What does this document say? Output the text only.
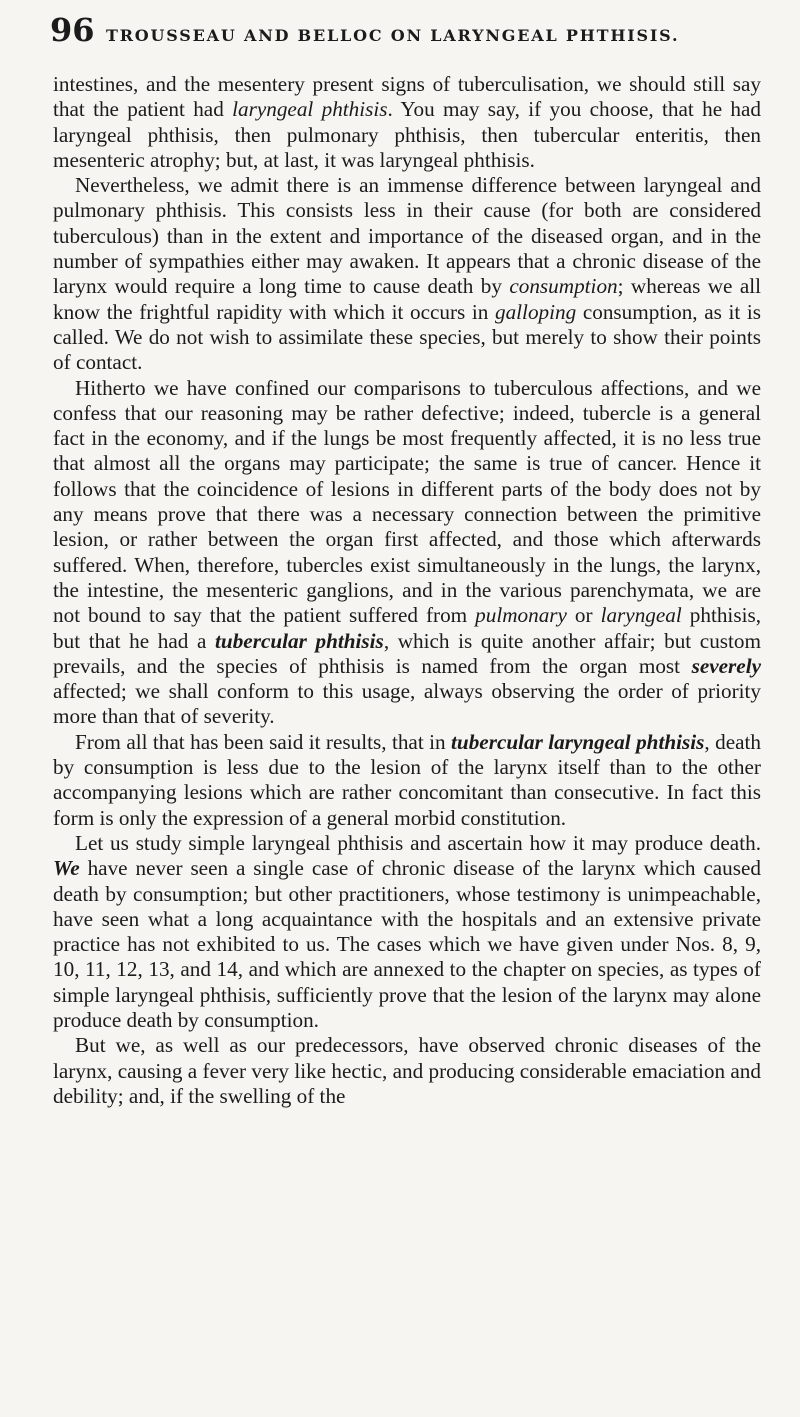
96 TROUSSEAU AND BELLOC ON LARYNGEAL PHTHISIS.

intestines, and the mesentery present signs of tuberculisation, we should still say that the patient had laryngeal phthisis. You may say, if you choose, that he had laryngeal phthisis, then pulmonary phthisis, then tubercular enteritis, then mesenteric atrophy; but, at last, it was laryngeal phthisis.

Nevertheless, we admit there is an immense difference between laryngeal and pulmonary phthisis. This consists less in their cause (for both are considered tuberculous) than in the extent and importance of the diseased organ, and in the number of sympathies either may awaken. It appears that a chronic disease of the larynx would require a long time to cause death by consumption; whereas we all know the frightful rapidity with which it occurs in galloping consumption, as it is called. We do not wish to assimilate these species, but merely to show their points of contact.

Hitherto we have confined our comparisons to tuberculous affections, and we confess that our reasoning may be rather defective; indeed, tubercle is a general fact in the economy, and if the lungs be most frequently affected, it is no less true that almost all the organs may participate; the same is true of cancer. Hence it follows that the coincidence of lesions in different parts of the body does not by any means prove that there was a necessary connection between the primitive lesion, or rather between the organ first affected, and those which afterwards suffered. When, therefore, tubercles exist simultaneously in the lungs, the larynx, the intestine, the mesenteric ganglions, and in the various parenchymata, we are not bound to say that the patient suffered from pulmonary or laryngeal phthisis, but that he had a tubercular phthisis, which is quite another affair; but custom prevails, and the species of phthisis is named from the organ most severely affected; we shall conform to this usage, always observing the order of priority more than that of severity.

From all that has been said it results, that in tubercular laryngeal phthisis, death by consumption is less due to the lesion of the larynx itself than to the other accompanying lesions which are rather concomitant than consecutive. In fact this form is only the expression of a general morbid constitution.

Let us study simple laryngeal phthisis and ascertain how it may produce death. We have never seen a single case of chronic disease of the larynx which caused death by consumption; but other practitioners, whose testimony is unimpeachable, have seen what a long acquaintance with the hospitals and an extensive private practice has not exhibited to us. The cases which we have given under Nos. 8, 9, 10, 11, 12, 13, and 14, and which are annexed to the chapter on species, as types of simple laryngeal phthisis, sufficiently prove that the lesion of the larynx may alone produce death by consumption.

But we, as well as our predecessors, have observed chronic diseases of the larynx, causing a fever very like hectic, and producing considerable emaciation and debility; and, if the swelling of the
